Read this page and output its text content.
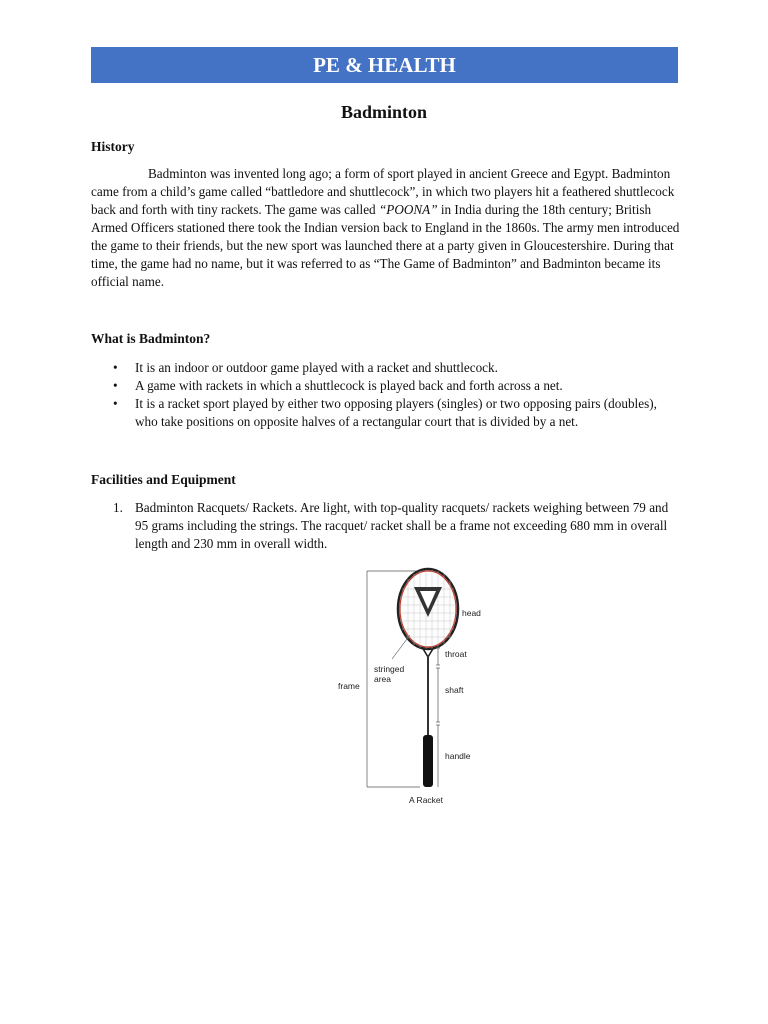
PE & HEALTH
Badminton
History
Badminton was invented long ago; a form of sport played in ancient Greece and Egypt. Badminton came from a child’s game called “battledore and shuttlecock”, in which two players hit a feathered shuttlecock back and forth with tiny rackets. The game was called “POONA” in India during the 18th century; British Armed Officers stationed there took the Indian version back to England in the 1860s. The army men introduced the game to their friends, but the new sport was launched there at a party given in Gloucestershire. During that time, the game had no name, but it was referred to as “The Game of Badminton” and Badminton became its official name.
What is Badminton?
• It is an indoor or outdoor game played with a racket and shuttlecock.
• A game with rackets in which a shuttlecock is played back and forth across a net.
• It is a racket sport played by either two opposing players (singles) or two opposing pairs (doubles), who take positions on opposite halves of a rectangular court that is divided by a net.
Facilities and Equipment
1. Badminton Racquets/ Rackets. Are light, with top-quality racquets/ rackets weighing between 79 and 95 grams including the strings. The racquet/ racket shall be a frame not exceeding 680 mm in overall length and 230 mm in overall width.
head
throat
stringed
area
frame	shaft
handle
A Racket
